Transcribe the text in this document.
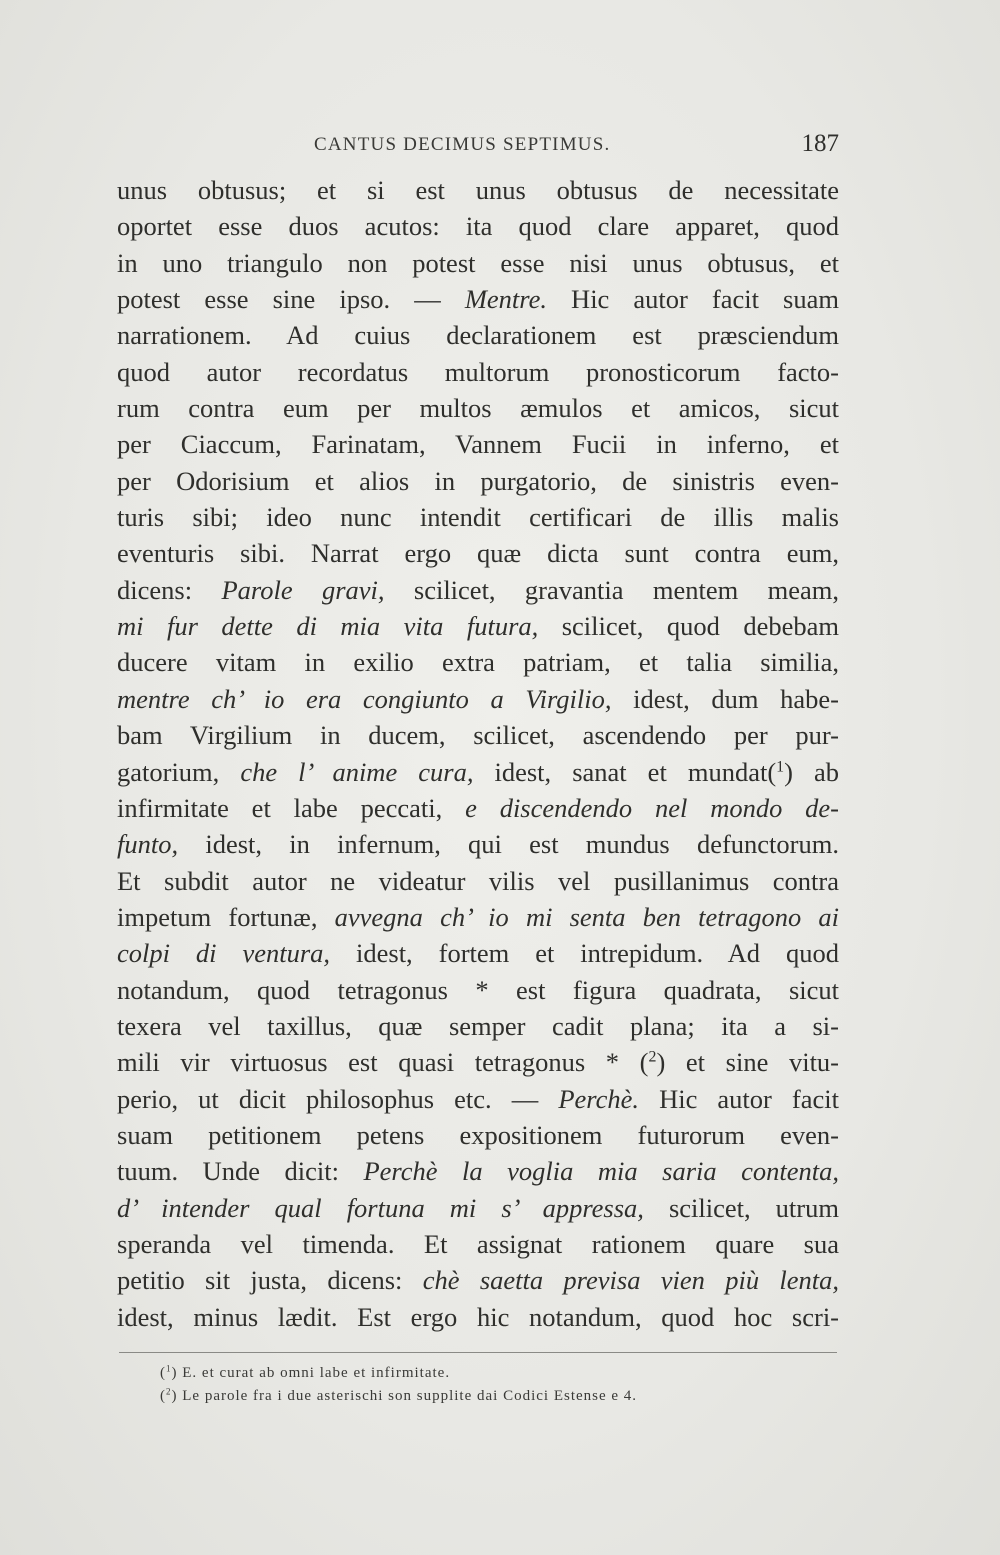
CANTUS DECIMUS SEPTIMUS.	187
unus obtusus; et si est unus obtusus de necessitate
oportet esse duos acutos: ita quod clare apparet, quod
in uno triangulo non potest esse nisi unus obtusus, et
potest esse sine ipso. — Mentre. Hic autor facit suam
narrationem. Ad cuius declarationem est præsciendum
quod autor recordatus multorum pronosticorum facto-
rum contra eum per multos æmulos et amicos, sicut
per Ciaccum, Farinatam, Vannem Fucii in inferno, et
per Odorisium et alios in purgatorio, de sinistris even-
turis sibi; ideo nunc intendit certificari de illis malis
eventuris sibi. Narrat ergo quæ dicta sunt contra eum,
dicens: Parole gravi, scilicet, gravantia mentem meam,
mi fur dette di mia vita futura, scilicet, quod debebam
ducere vitam in exilio extra patriam, et talia similia,
mentre ch’ io era congiunto a Virgilio, idest, dum habe-
bam Virgilium in ducem, scilicet, ascendendo per pur-
gatorium, che l’ anime cura, idest, sanat et mundat($^1$) ab
infirmitate et labe peccati, e discendendo nel mondo de-
funto, idest, in infernum, qui est mundus defunctorum.
Et subdit autor ne videatur vilis vel pusillanimus contra
impetum fortunæ, avvegna ch’ io mi senta ben tetragono ai
colpi di ventura, idest, fortem et intrepidum. Ad quod
notandum, quod tetragonus * est figura quadrata, sicut
texera vel taxillus, quæ semper cadit plana; ita a si-
mili vir virtuosus est quasi tetragonus * ($^2$) et sine vitu-
perio, ut dicit philosophus etc. — Perchè. Hic autor facit
suam petitionem petens expositionem futurorum even-
tuum. Unde dicit: Perchè la voglia mia saria contenta,
d’ intender qual fortuna mi s’ appressa, scilicet, utrum
speranda vel timenda. Et assignat rationem quare sua
petitio sit justa, dicens: chè saetta previsa vien più lenta,
idest, minus lædit. Est ergo hic notandum, quod hoc scri-
($^1$) E. et curat ab omni labe et infirmitate.
($^2$) Le parole fra i due asterischi son supplite dai Codici Estense e 4.
